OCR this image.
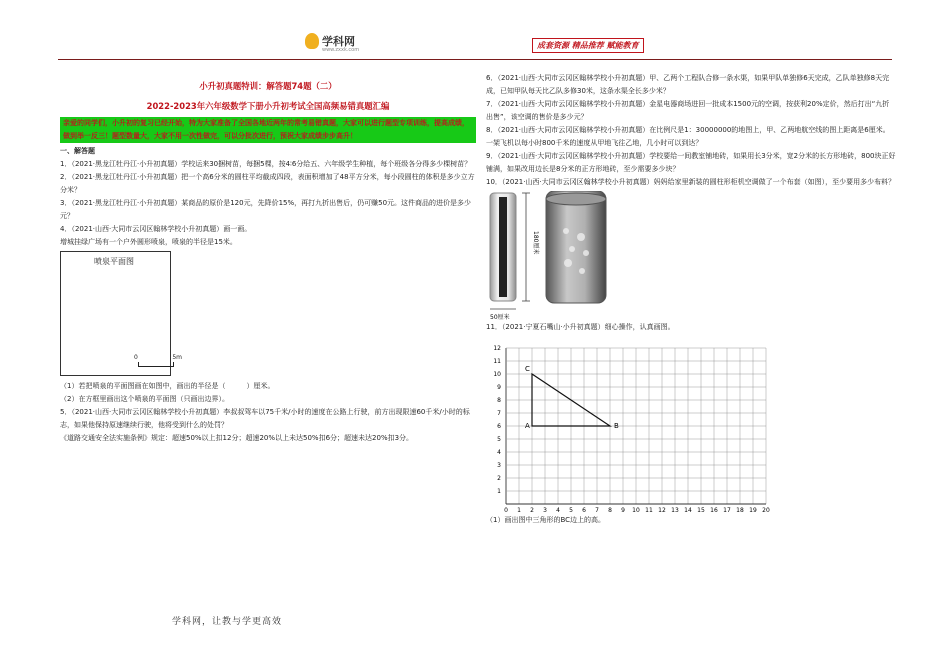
学科网
www.zxxk.com	成套资源 精品推荐 赋能教育
小升初真题特训：解答题74题（二）
2022-2023年六年级数学下册小升初考试全国高频易错真题汇编
亲爱的同学们，小升初的复习已经开始，特为大家准备了全国各地近两年的常考易错真题，大家可以进行题型专项训练，提高成绩，做到举一反三！题型数量大，大家不用一次性做完，可以分批次进行，预祝大家成绩步步高升！
一、解答题

1．（2021·黑龙江牡丹江·小升初真题）学校运来30捆树苗，每捆5棵，按4∶6分给五、六年级学生种植，每个班级各分得多少棵树苗？

2．（2021·黑龙江牡丹江·小升初真题）把一个高6分米的圆柱平均截成四段，表面积增加了48平方分米，每小段圆柱的体积是多少立方分米？

3．（2021·黑龙江牡丹江·小升初真题）某商品的原价是120元，先降价15%，再打九折出售后，仍可赚50元。这件商品的进价是多少元？

4．（2021·山西·大同市云冈区翰林学校小升初真题）画一画。

增城挂绿广场有一个户外圆形喷泉，喷泉的半径是15米。

喷泉平面图
0	5m

（1）若把喷泉的平面图画在如图中，画出的半径是（　　　）厘米。

（2）在方框里画出这个喷泉的平面图（只画出边界）。

5．（2021·山西·大同市云冈区翰林学校小升初真题）李叔叔驾车以75千米/小时的速度在公路上行驶，前方出现限速60千米/小时的标志，如果他保持原速继续行驶，他将受到什么的处罚？

《道路交通安全法实施条例》规定：超速50%以上扣12分；超速20%以上未达50%扣6分；超速未达20%扣3分。

6．（2021·山西·大同市云冈区翰林学校小升初真题）甲、乙两个工程队合修一条水渠，如果甲队单独修6天完成，乙队单独修8天完成，已知甲队每天比乙队多修30米，这条水渠全长多少米？

7．（2021·山西·大同市云冈区翰林学校小升初真题）金星电器商场进回一批成本1500元的空调，按获利20%定价，然后打出“九折出售”，该空调的售价是多少元？

8．（2021·山西·大同市云冈区翰林学校小升初真题）在比例尺是1：30000000的地图上，甲、乙两地航空线的图上距离是6厘米。一架飞机以每小时800千米的速度从甲地飞往乙地，几小时可以到达？

9．（2021·山西·大同市云冈区翰林学校小升初真题）学校要给一间教室铺地砖，如果用长3分米，宽2分米的长方形地砖，800块正好铺满，如果改用边长是8分米的正方形地砖，至少需要多少块？

10．（2021·山西·大同市云冈区翰林学校小升初真题）妈妈给家里新装的圆柱形柜机空调做了一个布套（如图），至少要用多少布料？

180厘米
50厘米

11．（2021·宁夏石嘴山·小升初真题）细心操作，认真画图。

0 1 2 3 4 5 6 7 8 9 10 11 12 13 14 15 16 17 18 19 20
1
2
3
4
5
6
7
8
9
10
11
12
A	B
C

（1）画出图中三角形的BC边上的高。

学科网，让教与学更高效
